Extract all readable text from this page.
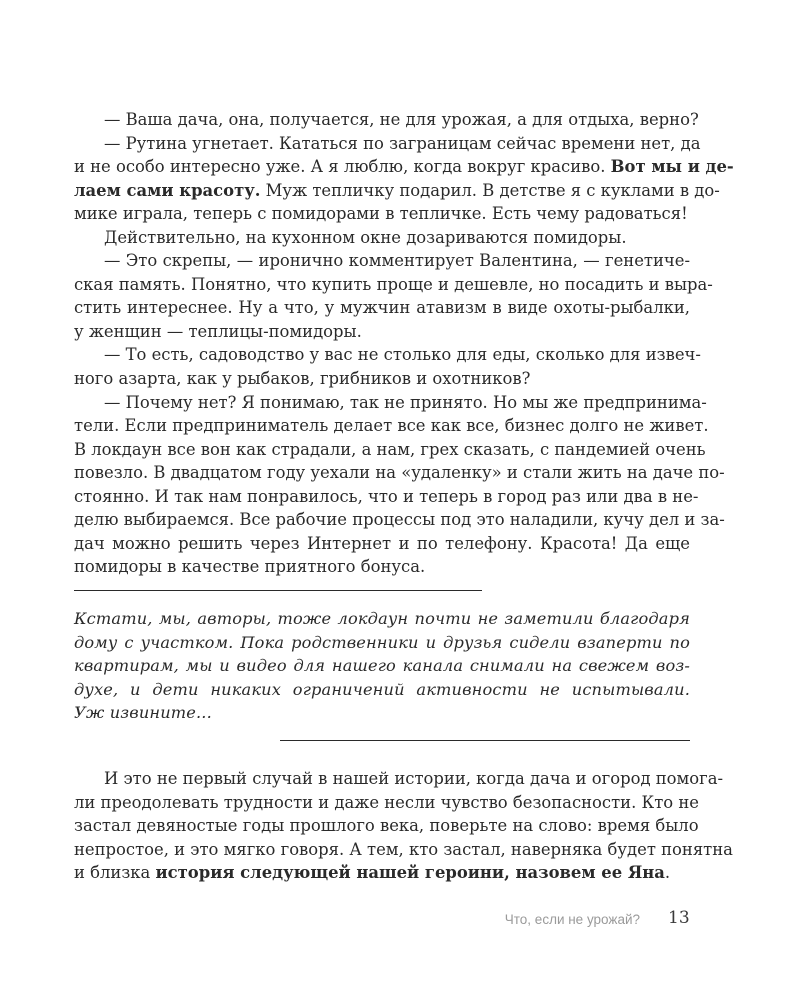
— Ваша дача, она, получается, не для урожая, а для отдыха, верно?
— Рутина угнетает. Кататься по заграницам сейчас времени нет, да
и не особо интересно уже. А я люблю, когда вокруг красиво. Вот мы и де-
лаем сами красоту. Муж тепличку подарил. В детстве я с куклами в до-
мике играла, теперь с помидорами в тепличке. Есть чему радоваться!
Действительно, на кухонном окне дозариваются помидоры.
— Это скрепы, — иронично комментирует Валентина, — генетиче-
ская память. Понятно, что купить проще и дешевле, но посадить и выра-
стить интереснее. Ну а что, у мужчин атавизм в виде охоты-рыбалки,
у женщин — теплицы-помидоры.
— То есть, садоводство у вас не столько для еды, сколько для извеч-
ного азарта, как у рыбаков, грибников и охотников?
— Почему нет? Я понимаю, так не принято. Но мы же предпринима-
тели. Если предприниматель делает все как все, бизнес долго не живет.
В локдаун все вон как страдали, а нам, грех сказать, с пандемией очень
повезло. В двадцатом году уехали на «удаленку» и стали жить на даче по-
стоянно. И так нам понравилось, что и теперь в город раз или два в не-
делю выбираемся. Все рабочие процессы под это наладили, кучу дел и за-
дач можно решить через Интернет и по телефону. Красота! Да еще
помидоры в качестве приятного бонуса.
Кстати, мы, авторы, тоже локдаун почти не заметили благодаря
дому с участком. Пока родственники и друзья сидели взаперти по
квартирам, мы и видео для нашего канала снимали на свежем воз-
духе, и дети никаких ограничений активности не испытывали.
Уж извините...
И это не первый случай в нашей истории, когда дача и огород помога-
ли преодолевать трудности и даже несли чувство безопасности. Кто не
застал девяностые годы прошлого века, поверьте на слово: время было
непростое, и это мягко говоря. А тем, кто застал, наверняка будет понятна
и близка история следующей нашей героини, назовем ее Яна.
Что, если не урожай? 13
